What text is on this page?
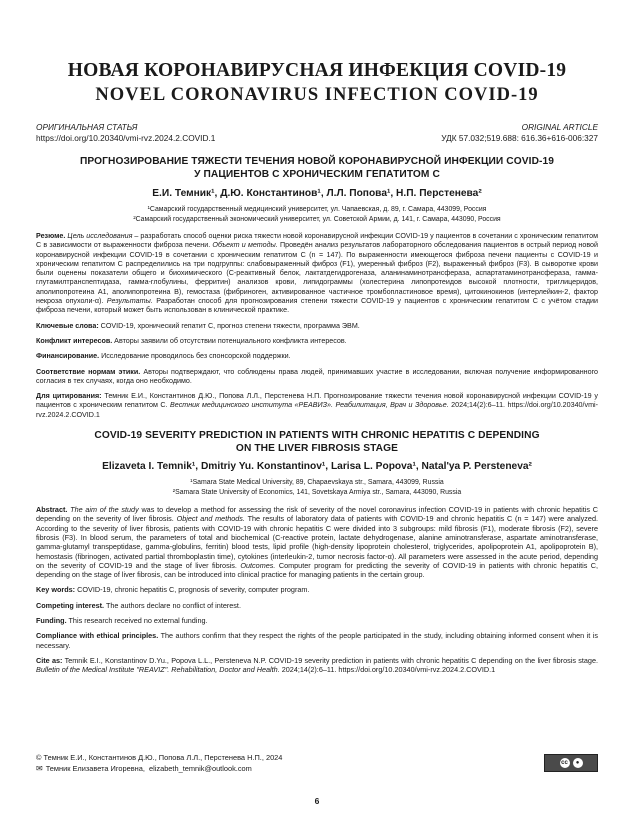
НОВАЯ КОРОНАВИРУСНАЯ ИНФЕКЦИЯ COVID-19
NOVEL CORONAVIRUS INFECTION COVID-19
ОРИГИНАЛЬНАЯ СТАТЬЯ
https://doi.org/10.20340/vmi-rvz.2024.2.COVID.1
ORIGINAL ARTICLE
УДК 57.032;519.688: 616.36+616-006:327
ПРОГНОЗИРОВАНИЕ ТЯЖЕСТИ ТЕЧЕНИЯ НОВОЙ КОРОНАВИРУСНОЙ ИНФЕКЦИИ COVID-19
У ПАЦИЕНТОВ С ХРОНИЧЕСКИМ ГЕПАТИТОМ С
Е.И. Темник¹, Д.Ю. Константинов¹, Л.Л. Попова¹, Н.П. Перстенева²
¹Самарский государственный медицинский университет, ул. Чапаевская, д. 89, г. Самара, 443099, Россия
²Самарский государственный экономический университет, ул. Советской Армии, д. 141, г. Самара, 443090, Россия
Резюме. Цель исследования – разработать способ оценки риска тяжести новой коронавирусной инфекции COVID-19 у пациентов в сочетании с хроническим гепатитом С в зависимости от выраженности фиброза печени. Объект и методы. Проведён анализ результатов лабораторного обследования пациентов в острый период новой коронавирусной инфекции COVID-19 в сочетании с хроническим гепатитом С (n = 147). По выраженности имеющегося фиброза печени пациенты с COVID-19 и хроническим гепатитом С распределились на три подгруппы: слабовыраженный фиброз (F1), умеренный фиброз (F2), выраженный фиброз (F3). В сыворотке крови были оценены показатели общего и биохимического (С-реактивный белок, лактатдегидрогеназа, аланинаминотрансфераза, аспартатаминотрансфераза, гамма-глутамилтранспептидаза, гамма-глобулины, ферритин) анализов крови, липидограммы (холестерина липопротеидов высокой плотности, триглицеридов, аполипопротеина А1, аполипопротеина В), гемостаза (фибриноген, активированное частичное тромбопластиновое время), цитокинокинов (интерлейкин-2, фактор некроза опухоли-α). Результаты. Разработан способ для прогнозирования степени тяжести COVID-19 у пациентов с хроническим гепатитом С с учётом стадии фиброза печени, который может быть использован в клинической практике.
Ключевые слова: COVID-19, хронический гепатит С, прогноз степени тяжести, программа ЭВМ.
Конфликт интересов. Авторы заявили об отсутствии потенциального конфликта интересов.
Финансирование. Исследование проводилось без спонсорской поддержки.
Соответствие нормам этики. Авторы подтверждают, что соблюдены права людей, принимавших участие в исследовании, включая получение информированного согласия в тех случаях, когда оно необходимо.
Для цитирования: Темник Е.И., Константинов Д.Ю., Попова Л.Л., Перстенева Н.П. Прогнозирование тяжести течения новой коронавирусной инфекции COVID-19 у пациентов с хроническим гепатитом С. Вестник медицинского института «РЕАВИЗ». Реабилитация, Врач и Здоровье. 2024;14(2):6–11. https://doi.org/10.20340/vmi-rvz.2024.2.COVID.1
COVID-19 SEVERITY PREDICTION IN PATIENTS WITH CHRONIC HEPATITIS C DEPENDING
ON THE LIVER FIBROSIS STAGE
Elizaveta I. Temnik¹, Dmitriy Yu. Konstantinov¹, Larisa L. Popova¹, Natal'ya P. Persteneva²
¹Samara State Medical University, 89, Chapaevskaya str., Samara, 443099, Russia
²Samara State University of Economics, 141, Sovetskaya Armiya str., Samara, 443090, Russia
Abstract. The aim of the study was to develop a method for assessing the risk of severity of the novel coronavirus infection COVID-19 in patients with chronic hepatitis C depending on the severity of liver fibrosis. Object and methods. The results of laboratory data of patients with COVID-19 and chronic hepatitis C (n = 147) were analyzed. According to the severity of liver fibrosis, patients with COVID-19 with chronic hepatitis C were divided into 3 subgroups: mild fibrosis (F1), moderate fibrosis (F2), severe fibrosis (F3). In blood serum, the parameters of total and biochemical (C-reactive protein, lactate dehydrogenase, alanine aminotransferase, aspartate aminotransferase, gamma-glutamyl transpeptidase, gamma-globulins, ferritin) blood tests, lipid profile (high-density lipoprotein cholesterol, triglycerides, apolipoprotein A1, apolipoprotein B), hemostasis (fibrinogen, activated partial thromboplastin time), cytokines (interleukin-2, tumor necrosis factor-α). All parameters were assessed in the acute period, depending on the severity of COVID-19 and the stage of liver fibrosis. Outcomes. Computer program for predicting the severity of COVID-19 in patients with chronic hepatitis C, depending on the stage of liver fibrosis, can be introduced into clinical practice for managing patients in the certain group.
Key words: COVID-19, chronic hepatitis C, prognosis of severity, computer program.
Competing interest. The authors declare no conflict of interest.
Funding. This research received no external funding.
Compliance with ethical principles. The authors confirm that they respect the rights of the people participated in the study, including obtaining informed consent when it is necessary.
Cite as: Temnik E.I., Konstantinov D.Yu., Popova L.L., Persteneva N.P. COVID-19 severity prediction in patients with chronic hepatitis C depending on the liver fibrosis stage. Bulletin of the Medical Institute "REAVIZ". Rehabilitation, Doctor and Health. 2024;14(2):6–11. https://doi.org/10.20340/vmi-rvz.2024.2.COVID.1
© Темник Е.И., Константинов Д.Ю., Попова Л.Л., Перстенева Н.П., 2024
✉ Темник Елизавета Игоревна,
elizabeth_temnik@outlook.com
cc	●
6
